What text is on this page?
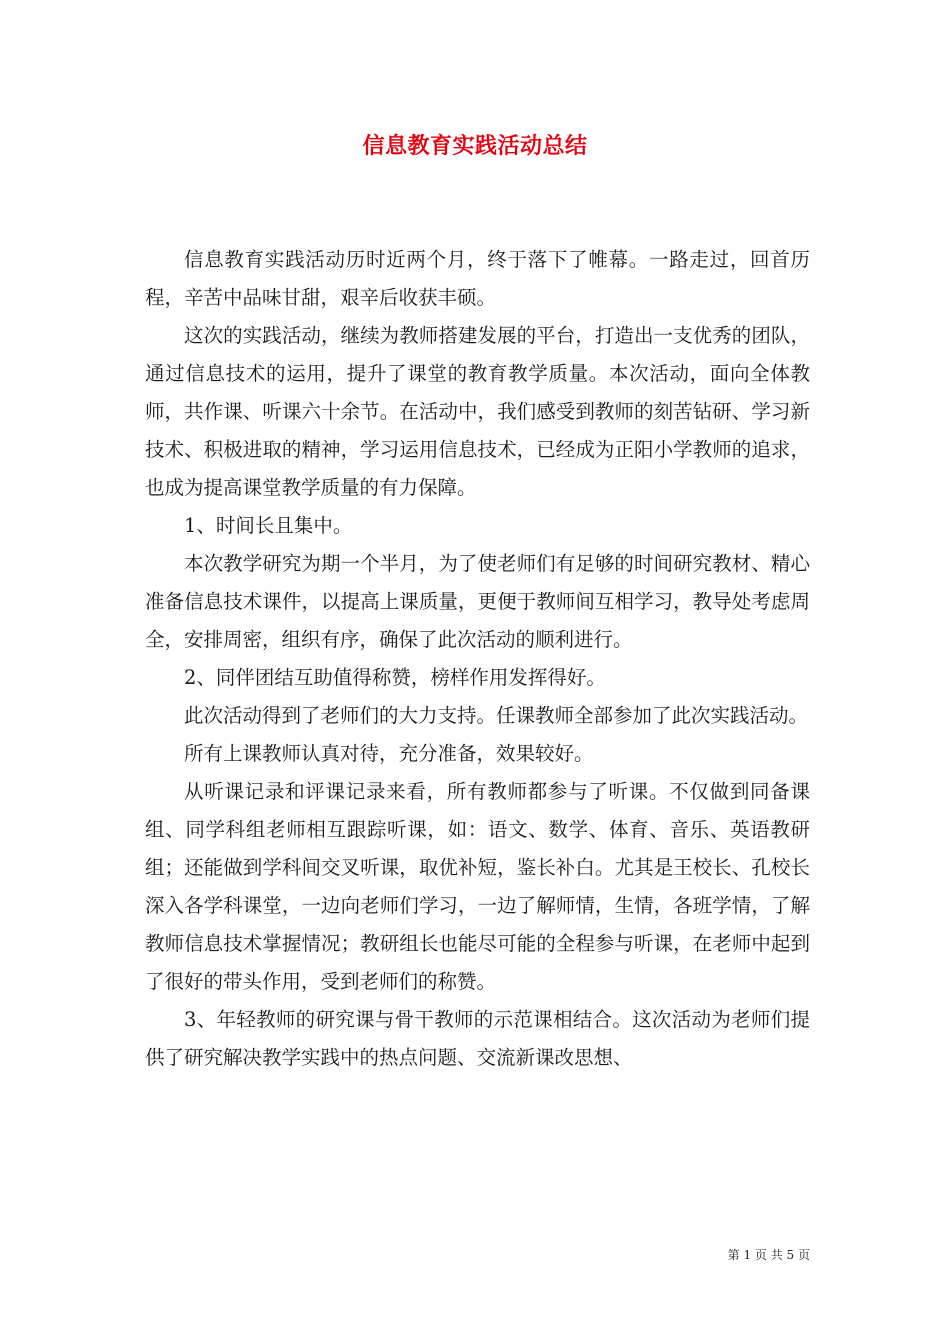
信息教育实践活动总结

信息教育实践活动历时近两个月，终于落下了帷幕。一路走过，回首历程，辛苦中品味甘甜，艰辛后收获丰硕。

这次的实践活动，继续为教师搭建发展的平台，打造出一支优秀的团队，通过信息技术的运用，提升了课堂的教育教学质量。本次活动，面向全体教师，共作课、听课六十余节。在活动中，我们感受到教师的刻苦钻研、学习新技术、积极进取的精神，学习运用信息技术，已经成为正阳小学教师的追求，也成为提高课堂教学质量的有力保障。

1、时间长且集中。

本次教学研究为期一个半月，为了使老师们有足够的时间研究教材、精心准备信息技术课件，以提高上课质量，更便于教师间互相学习，教导处考虑周全，安排周密，组织有序，确保了此次活动的顺利进行。

2、同伴团结互助值得称赞，榜样作用发挥得好。

此次活动得到了老师们的大力支持。任课教师全部参加了此次实践活动。

所有上课教师认真对待，充分准备，效果较好。

从听课记录和评课记录来看，所有教师都参与了听课。不仅做到同备课组、同学科组老师相互跟踪听课，如：语文、数学、体育、音乐、英语教研组；还能做到学科间交叉听课，取优补短，鉴长补白。尤其是王校长、孔校长深入各学科课堂，一边向老师们学习，一边了解师情，生情，各班学情，了解教师信息技术掌握情况；教研组长也能尽可能的全程参与听课，在老师中起到了很好的带头作用，受到老师们的称赞。

3、年轻教师的研究课与骨干教师的示范课相结合。这次活动为老师们提供了研究解决教学实践中的热点问题、交流新课改思想、

第 1 页 共 5 页
